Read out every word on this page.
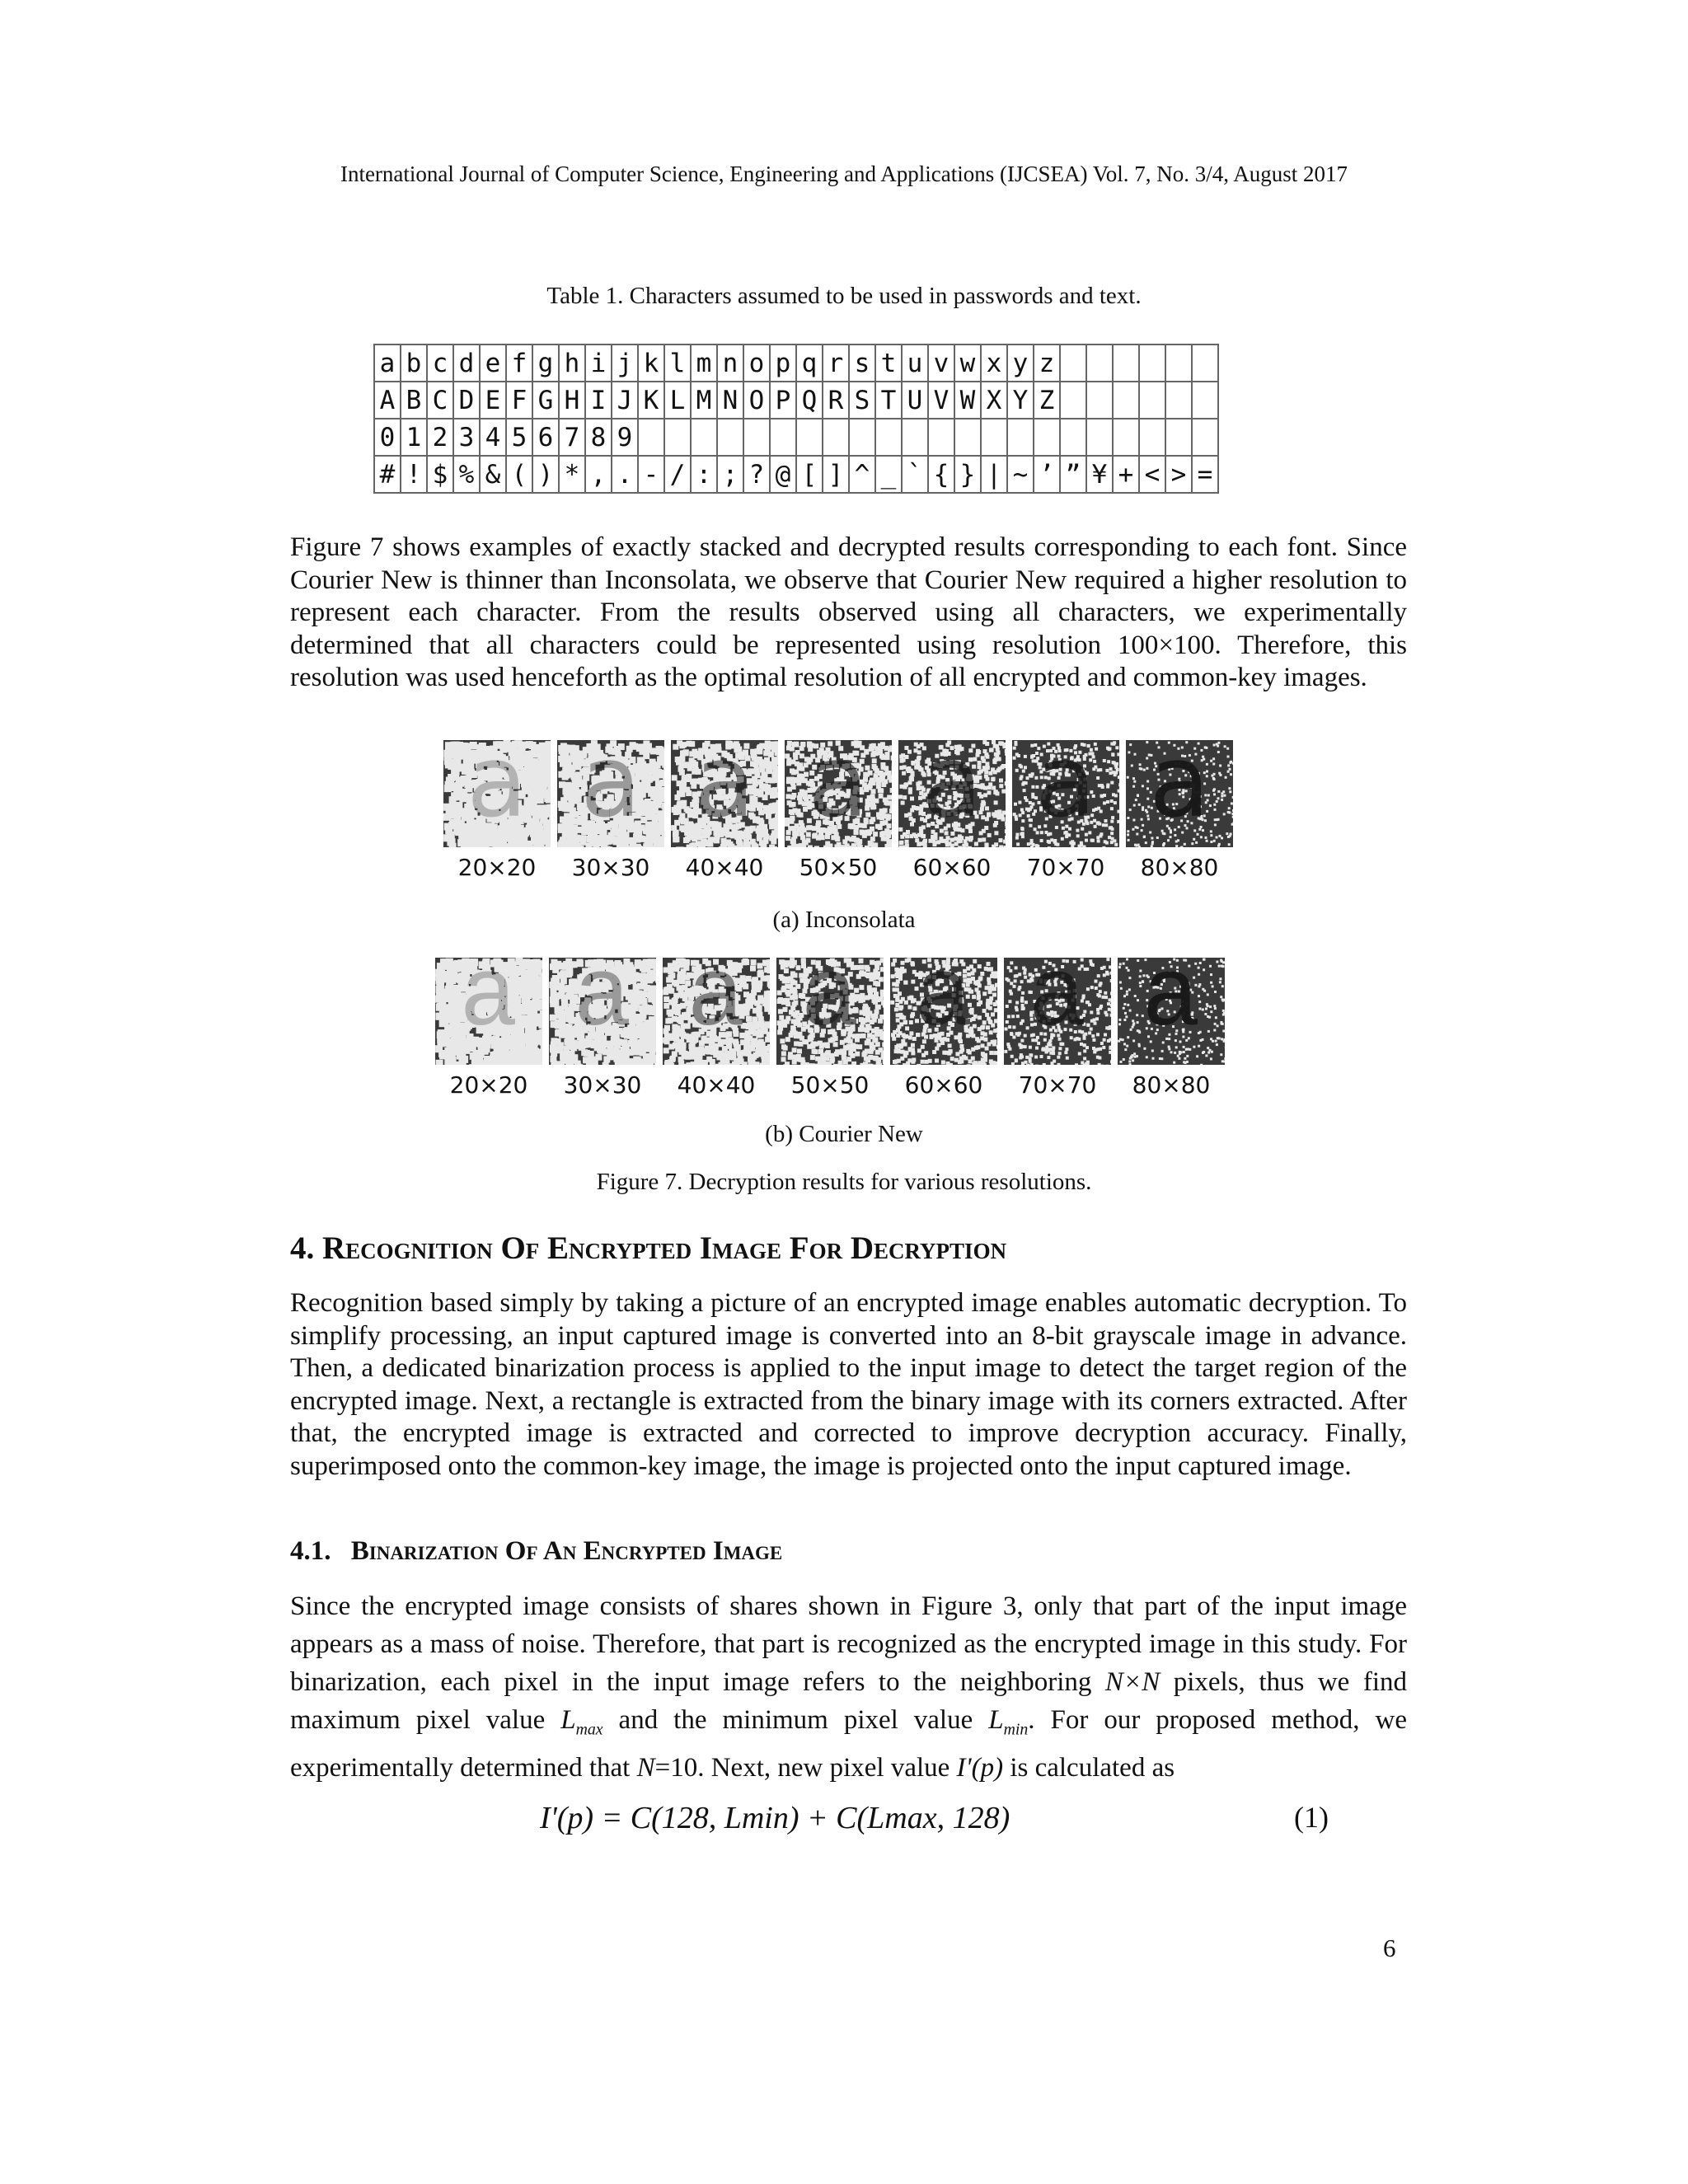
International Journal of Computer Science, Engineering and Applications (IJCSEA) Vol. 7, No. 3/4, August 2017
Table 1. Characters assumed to be used in passwords and text.
a	b	c	d	e	f	g	h	i	j	k	l	m	n	o	p	q	r	s	t	u	v	w	x	y	z						
A	B	C	D	E	F	G	H	I	J	K	L	M	N	O	P	Q	R	S	T	U	V	W	X	Y	Z						
0	1	2	3	4	5	6	7	8	9																						
#	!	$	%	&	(	)	*	,	.	-	/	:	;	?	@	[	]	^	_	`	{	}	|	~	’	”	¥	+	<	>	=
Figure 7 shows examples of exactly stacked and decrypted results corresponding to each font. Since Courier New is thinner than Inconsolata, we observe that Courier New required a higher resolution to represent each character. From the results observed using all characters, we experimentally determined that all characters could be represented using resolution 100×100. Therefore, this resolution was used henceforth as the optimal resolution of all encrypted and common-key images.
a a a a a a a
20×20	30×30	40×40	50×50	60×60	70×70	80×80
(a) Inconsolata
a a a a a a a
20×20	30×30	40×40	50×50	60×60	70×70	80×80
(b) Courier New
Figure 7. Decryption results for various resolutions.
4. Recognition Of Encrypted Image For Decryption
Recognition based simply by taking a picture of an encrypted image enables automatic decryption. To simplify processing, an input captured image is converted into an 8-bit grayscale image in advance. Then, a dedicated binarization process is applied to the input image to detect the target region of the encrypted image. Next, a rectangle is extracted from the binary image with its corners extracted. After that, the encrypted image is extracted and corrected to improve decryption accuracy. Finally, superimposed onto the common-key image, the image is projected onto the input captured image.
4.1. Binarization Of An Encrypted Image
Since the encrypted image consists of shares shown in Figure 3, only that part of the input image appears as a mass of noise. Therefore, that part is recognized as the encrypted image in this study. For binarization, each pixel in the input image refers to the neighboring N×N pixels, thus we find maximum pixel value $L_{max}$ and the minimum pixel value $L_{min}$. For our proposed method, we experimentally determined that N=10. Next, new pixel value I'(p) is calculated as
I'(p) = C(128, Lmin) + C(Lmax, 128)	(1)
6
